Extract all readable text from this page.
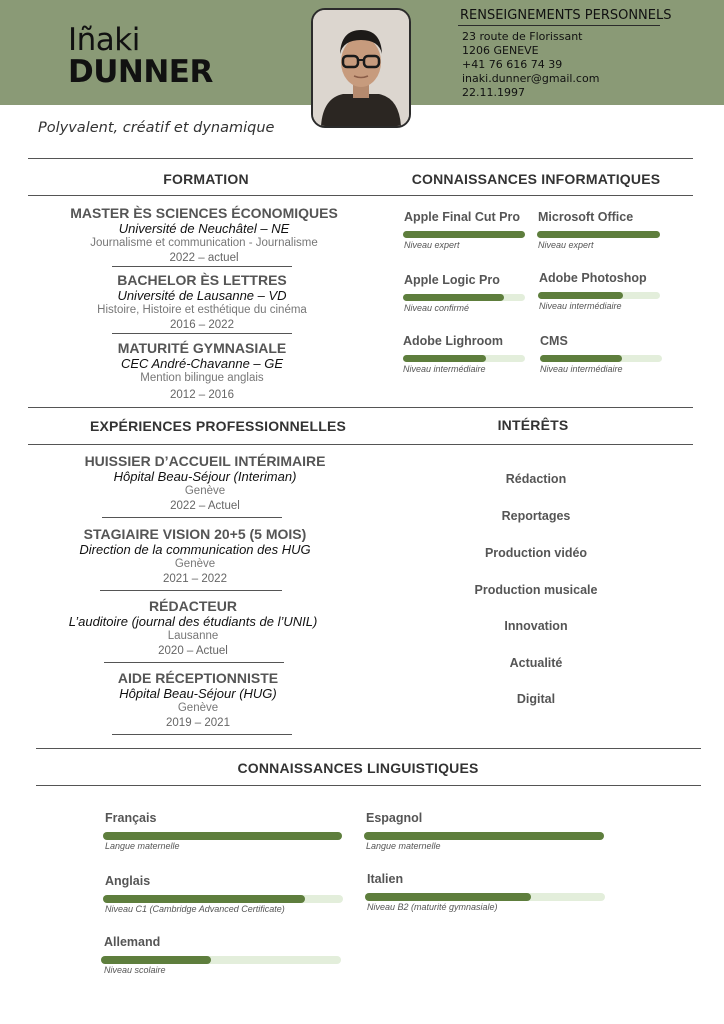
Iñaki
DUNNER
Polyvalent, créatif et dynamique
RENSEIGNEMENTS PERSONNELS
23 route de Florissant
1206 GENEVE
+41 76 616 74 39
inaki.dunner@gmail.com
22.11.1997
FORMATION	CONNAISSANCES INFORMATIQUES
MASTER ÈS SCIENCES ÉCONOMIQUES
Université de Neuchâtel – NE
Journalisme et communication - Journalisme
2022 – actuel
BACHELOR ÈS LETTRES
Université de Lausanne – VD
Histoire, Histoire et esthétique du cinéma
2016 – 2022
MATURITÉ GYMNASIALE
CEC André-Chavanne – GE
Mention bilingue anglais
2012 – 2016
Apple Final Cut Pro
Niveau expert
Microsoft Office
Niveau expert
Apple Logic Pro
Niveau confirmé
Adobe Photoshop
Niveau intermédiaire
Adobe Lighroom
Niveau intermédiaire
CMS
Niveau intermédiaire
EXPÉRIENCES PROFESSIONNELLES	INTÉRÊTS
HUISSIER D’ACCUEIL INTÉRIMAIRE
Hôpital Beau-Séjour (Interiman)
Genève
2022 – Actuel
STAGIAIRE VISION 20+5 (5 MOIS)
Direction de la communication des HUG
Genève
2021 – 2022
RÉDACTEUR
L’auditoire (journal des étudiants de l’UNIL)
Lausanne
2020 – Actuel
AIDE RÉCEPTIONNISTE
Hôpital Beau-Séjour (HUG)
Genève
2019 – 2021
Rédaction
Reportages
Production vidéo
Production musicale
Innovation
Actualité
Digital
CONNAISSANCES LINGUISTIQUES
Français
Langue maternelle
Espagnol
Langue maternelle
Anglais
Niveau C1 (Cambridge Advanced Certificate)
Italien
Niveau B2 (maturité gymnasiale)
Allemand
Niveau scolaire
